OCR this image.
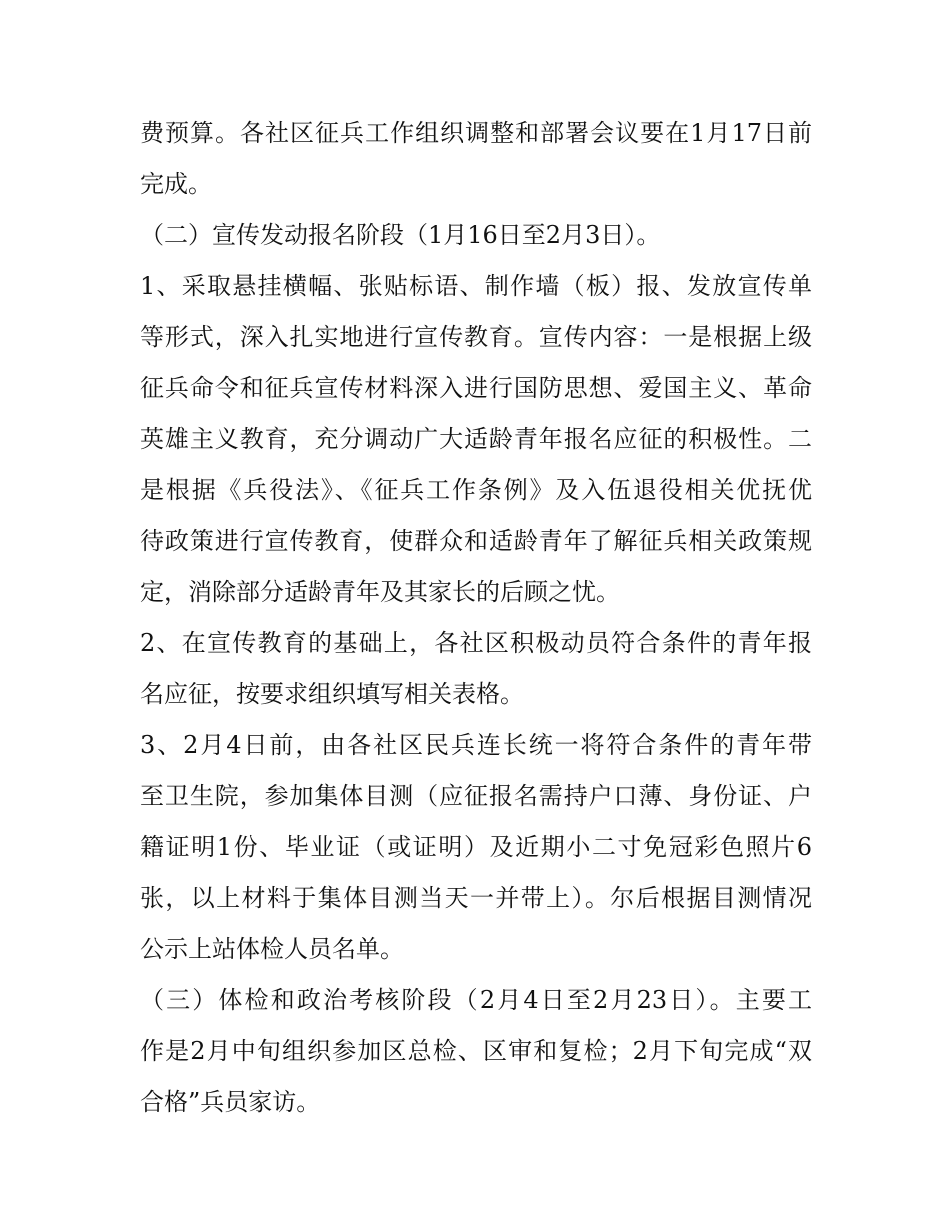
费预算。各社区征兵工作组织调整和部署会议要在1月17日前
完成。
（二）宣传发动报名阶段（1月16日至2月3日）。
1、采取悬挂横幅、张贴标语、制作墙（板）报、发放宣传单
等形式，深入扎实地进行宣传教育。宣传内容：一是根据上级
征兵命令和征兵宣传材料深入进行国防思想、爱国主义、革命
英雄主义教育，充分调动广大适龄青年报名应征的积极性。二
是根据《兵役法》、《征兵工作条例》及入伍退役相关优抚优
待政策进行宣传教育，使群众和适龄青年了解征兵相关政策规
定，消除部分适龄青年及其家长的后顾之忧。
2、在宣传教育的基础上，各社区积极动员符合条件的青年报
名应征，按要求组织填写相关表格。
3、2月4日前，由各社区民兵连长统一将符合条件的青年带
至卫生院，参加集体目测（应征报名需持户口薄、身份证、户
籍证明1份、毕业证（或证明）及近期小二寸免冠彩色照片6
张，以上材料于集体目测当天一并带上）。尔后根据目测情况
公示上站体检人员名单。
（三）体检和政治考核阶段（2月4日至2月23日）。主要工
作是2月中旬组织参加区总检、区审和复检；2月下旬完成“双
合格”兵员家访。
